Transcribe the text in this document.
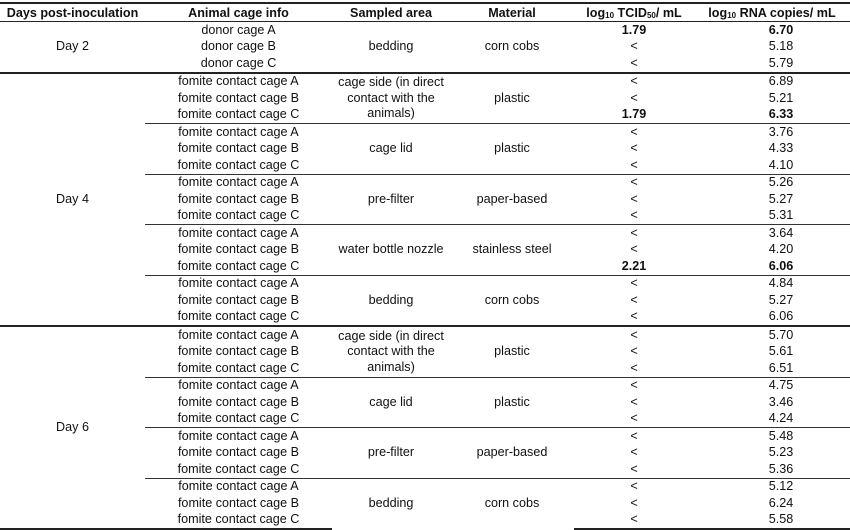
Days post-inoculation	Animal cage info	Sampled area	Material	$\log_{10}$ $TCID_{50}/$ mL	$\log_{10}$ RNA copies/ mL
Day 2	donor cage A	bedding	corn cobs	1.79	6.70
	donor cage B			<	5.18
	donor cage C			<	5.79
Day 4	fomite contact cage A	cage side (in direct contact with the animals)	plastic	<	6.89
	fomite contact cage B			<	5.21
	fomite contact cage C			1.79	6.33
	fomite contact cage A	cage lid	plastic	<	3.76
	fomite contact cage B			<	4.33
	fomite contact cage C			<	4.10
	fomite contact cage A	pre-filter	paper-based	<	5.26
	fomite contact cage B			<	5.27
	fomite contact cage C			<	5.31
	fomite contact cage A	water bottle nozzle	stainless steel	<	3.64
	fomite contact cage B			<	4.20
	fomite contact cage C			2.21	6.06
	fomite contact cage A	bedding	corn cobs	<	4.84
	fomite contact cage B			<	5.27
	fomite contact cage C			<	6.06
Day 6	fomite contact cage A	cage side (in direct contact with the animals)	plastic	<	5.70
	fomite contact cage B			<	5.61
	fomite contact cage C			<	6.51
	fomite contact cage A	cage lid	plastic	<	4.75
	fomite contact cage B			<	3.46
	fomite contact cage C			<	4.24
	fomite contact cage A	pre-filter	paper-based	<	5.48
	fomite contact cage B			<	5.23
	fomite contact cage C			<	5.36
	fomite contact cage A	bedding	corn cobs	<	5.12
	fomite contact cage B			<	6.24
	fomite contact cage C			<	5.58
